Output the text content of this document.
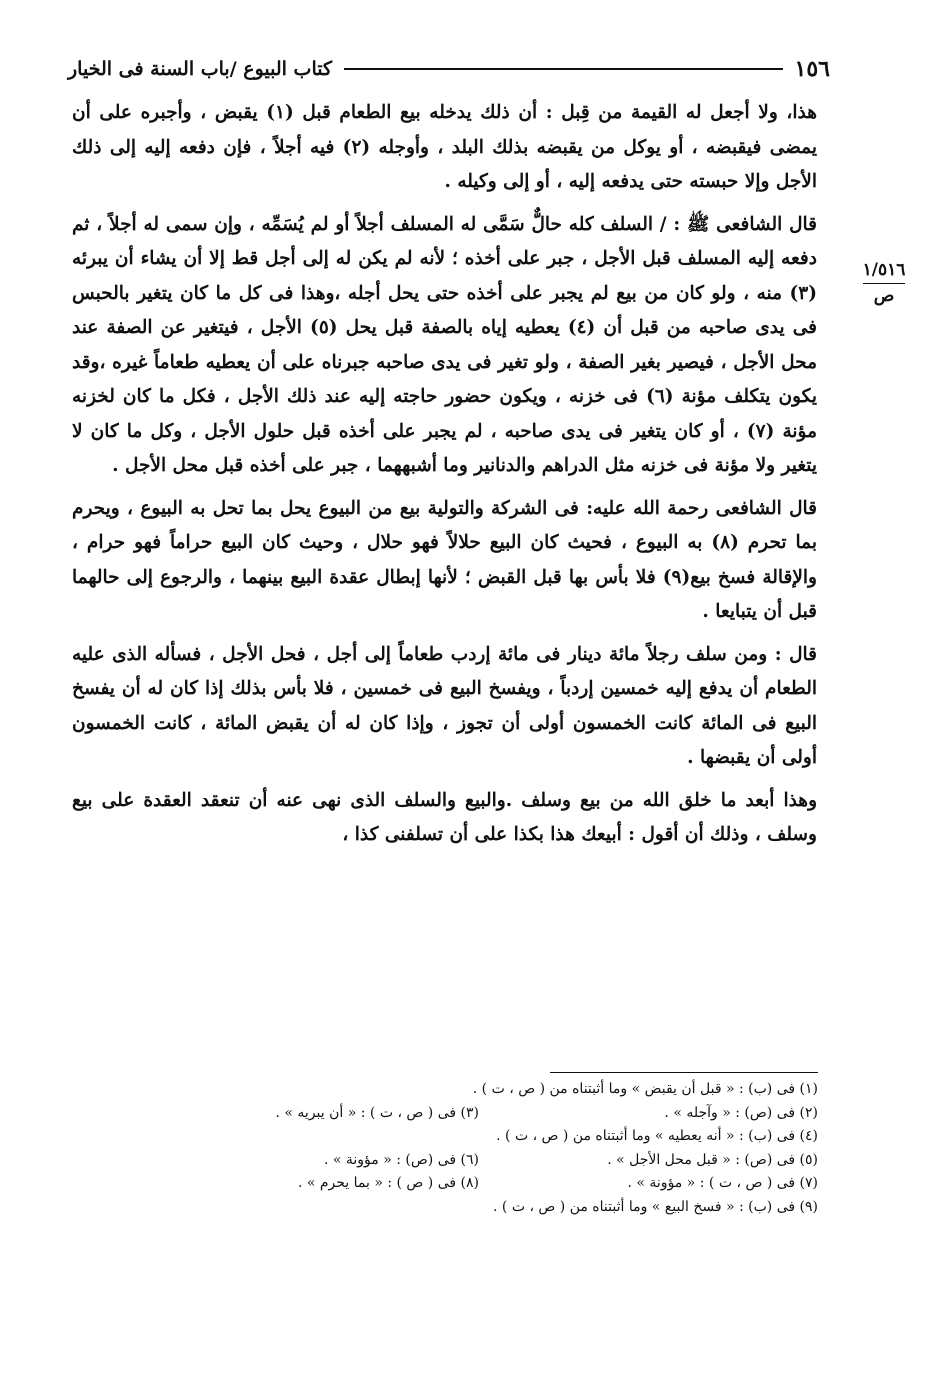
١٥٦
كتاب البيوع /باب السنة فى الخيار
١/٥١٦
ص

هذا، ولا أجعل له القيمة من قِبل : أن ذلك يدخله بيع الطعام قبل (١) يقبض ، وأجبره على أن يمضى فيقبضه ، أو يوكل من يقبضه بذلك البلد ، وأوجله (٢) فيه أجلاً ، فإن دفعه إليه إلى ذلك الأجل وإلا حبسته حتى يدفعه إليه ، أو إلى وكيله .

قال الشافعى ﷺ : / السلف كله حالٌّ سَمَّى له المسلف أجلاً أو لم يُسَمِّه ، وإن سمى له أجلاً ، ثم دفعه إليه المسلف قبل الأجل ، جبر على أخذه ؛ لأنه لم يكن له إلى أجل قط إلا أن يشاء أن يبرئه (٣) منه ، ولو كان من بيع لم يجبر على أخذه حتى يحل أجله ،وهذا فى كل ما كان يتغير بالحبس فى يدى صاحبه من قبل أن (٤) يعطيه إياه بالصفة قبل يحل (٥) الأجل ، فيتغير عن الصفة عند محل الأجل ، فيصير بغير الصفة ، ولو تغير فى يدى صاحبه جبرناه على أن يعطيه طعاماً غيره ،وقد يكون يتكلف مؤنة (٦) فى خزنه ، ويكون حضور حاجته إليه عند ذلك الأجل ، فكل ما كان لخزنه مؤنة (٧) ، أو كان يتغير فى يدى صاحبه ، لم يجبر على أخذه قبل حلول الأجل ، وكل ما كان لا يتغير ولا مؤنة فى خزنه مثل الدراهم والدنانير وما أشبههما ، جبر على أخذه قبل محل الأجل .

قال الشافعى رحمة الله عليه: فى الشركة والتولية بيع من البيوع يحل بما تحل به البيوع ، ويحرم بما تحرم (٨) به البيوع ، فحيث كان البيع حلالاً فهو حلال ، وحيث كان البيع حراماً فهو حرام ، والإقالة فسخ بيع(٩) فلا بأس بها قبل القبض ؛ لأنها إبطال عقدة البيع بينهما ، والرجوع إلى حالهما قبل أن يتبايعا .

قال : ومن سلف رجلاً مائة دينار فى مائة إردب طعاماً إلى أجل ، فحل الأجل ، فسأله الذى عليه الطعام أن يدفع إليه خمسين إردباً ، ويفسخ البيع فى خمسين ، فلا بأس بذلك إذا كان له أن يفسخ البيع فى المائة كانت الخمسون أولى أن تجوز ، وإذا كان له أن يقبض المائة ، كانت الخمسون أولى أن يقبضها .

وهذا أبعد ما خلق الله من بيع وسلف .والبيع والسلف الذى نهى عنه أن تنعقد العقدة على بيع وسلف ، وذلك أن أقول : أبيعك هذا بكذا على أن تسلفنى كذا ،

(١) فى (ب) : « قبل أن يقبض » وما أثبتناه من ( ص ، ت ) .
(٢) فى (ص) : « وآجله » .
(٣) فى ( ص ، ت ) : « أن يبريه » .
(٤) فى (ب) : « أنه يعطيه » وما أثبتناه من ( ص ، ت ) .
(٥) فى (ص) : « قبل محل الأجل » .
(٦) فى (ص) : « مؤونة » .
(٧) فى ( ص ، ت ) : « مؤونة » .
(٨) فى ( ص ) : « بما يحرم » .
(٩) فى (ب) : « فسخ البيع » وما أثبتناه من ( ص ، ت ) .
